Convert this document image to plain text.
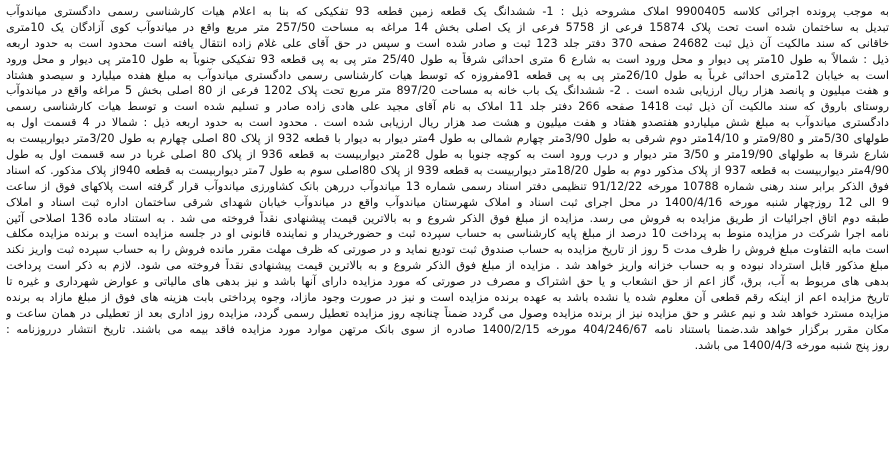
به موجب پرونده اجرائی کلاسه 9900405 املاک مشروحه ذیل : 1- ششدانگ یک قطعه زمین قطعه 93 تفکیکی که بنا به اعلام هیات کارشناسی رسمی دادگستری میاندوآب
تبدیل به ساختمان شده است تحت پلاک 15874 فرعی از 5758 فرعی از یک اصلی بخش 14 مراغه به مساحت 257/50 متر مربع واقع در میاندوآب کوی آزادگان یک 10متری
خاقانی که سند مالکیت آن ذیل ثبت 24682 صفحه 370 دفتر جلد 123 ثبت و صادر شده است و سپس در حق آقای علی غلام زاده انتقال یافته است محدود است به حدود اربعه
ذیل : شمالاً به طول 10متر پی دیوار و محل ورود است به شارع 6 متری احداثی شرقاً به طول 25/40 متر پی به پی قطعه 93 تفکیکی جنوباً به طول 10متر پی دیوار و محل ورود
است به خیابان 12متری احداثی غرباً به طول 26/10متر پی به پی قطعه 91مفروزه که توسط هیات کارشناسی رسمی دادگستری میاندوآب به مبلغ هفده میلیارد و سیصدو هشتاد
و هفت میلیون و پانصد هزار ریال ارزیابی شده است . 2- ششدانگ یک باب خانه به مساحت 897/20 متر مربع تحت پلاک 1202 فرعی از 80 اصلی بخش 5 مراغه واقع در میاندوآب
روستای باروق که سند مالکیت آن ذیل ثبت 1418 صفحه 266 دفتر جلد 11 املاک به نام آقای مجید علی هادی زاده صادر و تسلیم شده است و توسط هیات کارشناسی رسمی
دادگستری میاندوآب به مبلغ شش میلیاردو هفتصدو هفتاد و هفت میلیون و هشت صد هزار ریال ارزیابی شده است . محدود است به حدود اربعه ذیل : شمالا در 4 قسمت اول به
طولهای 5/30متر و 9/80متر و 14/10متر دوم شرقی به طول 3/90متر چهارم شمالی به طول 4متر دیوار به دیوار با قطعه 932 از پلاک 80 اصلی چهارم به طول 3/20متر دیواربیست به
شارع شرقا به طولهای 19/90متر و 3/50 متر دیوار و درب ورود است به کوچه جنوبا به طول 28متر دیواربیست به قطعه 936 از پلاک 80 اصلی غربا در سه قسمت اول به طول
4/90متر دیواربیست به قطعه 937 از پلاک مذکور دوم به طول 18/20متر دیواربیست به قطعه 939 از پلاک 80اصلی سوم به طول 7متر دیواربیست به قطعه 940از پلاک مذکور. که اسناد
فوق الذکر برابر سند رهنی شماره 10788 مورخه 91/12/22 تنظیمی دفتر اسناد رسمی شماره 13 میاندوآب دررهن بانک کشاورزی میاندوآب قرار گرفته است پلاکهای فوق از ساعت
9 الی 12 روزچهار شنبه مورخه 1400/4/16 در محل اجرای ثبت اسناد و املاک شهرستان میاندوآب واقع در میاندوآب خیابان شهدای شرقی ساختمان اداره ثبت اسناد و املاک
طبقه دوم اتاق اجرائیات از طریق مزایده به فروش می رسد. مزایده از مبلغ فوق الذکر شروع و به بالاترین قیمت پیشنهادی نقداً فروخته می شد . به استناد ماده 136 اصلاحی آئین
نامه اجرا شرکت در مزایده منوط به پرداخت 10 درصد از مبلغ پایه کارشناسی به حساب سپرده ثبت و حضورخریدار و نماینده قانونی او در جلسه مزایده است و برنده مزایده مکلف
است مابه التفاوت مبلغ فروش را ظرف مدت 5 روز از تاریخ مزایده به حساب صندوق ثبت تودیع نماید و در صورتی که ظرف مهلت مقرر مانده فروش را به حساب سپرده ثبت واریز نکند
مبلغ مذکور قابل استرداد نبوده و به حساب خزانه واریز خواهد شد . مزایده از مبلغ فوق الذکر شروع و به بالاترین قیمت پیشنهادی نقداً فروخته می شود. لازم به ذکر است پرداخت
بدهی های مربوط به آب، برق، گاز اعم از حق انشعاب و یا حق اشتراک و مصرف در صورتی که مورد مزایده دارای آنها باشد و نیز بدهی های مالیاتی و عوارض شهرداری و غیره تا
تاریخ مزایده اعم از اینکه رقم قطعی آن معلوم شده یا نشده باشد به عهده برنده مزایده است و نیز در صورت وجود مازاد، وجوه پرداختی بابت هزینه های فوق از مبلغ مازاد به برنده
مزایده مسترد خواهد شد و نیم عشر و حق مزایده نیز از برنده مزایده وصول می گردد ضمناً چنانچه روز مزایده تعطیل رسمی گردد، مزایده روز اداری بعد از تعطیلی در همان ساعت و
مکان مقرر برگزار خواهد شد.ضمنا باستناد نامه 404/246/67 مورخه 1400/2/15 صادره از سوی بانک مرتهن موارد مورد مزایده فاقد بیمه می باشند. تاریخ انتشار درروزنامه :
روز پنج شنبه مورخه 1400/4/3 می باشد.
